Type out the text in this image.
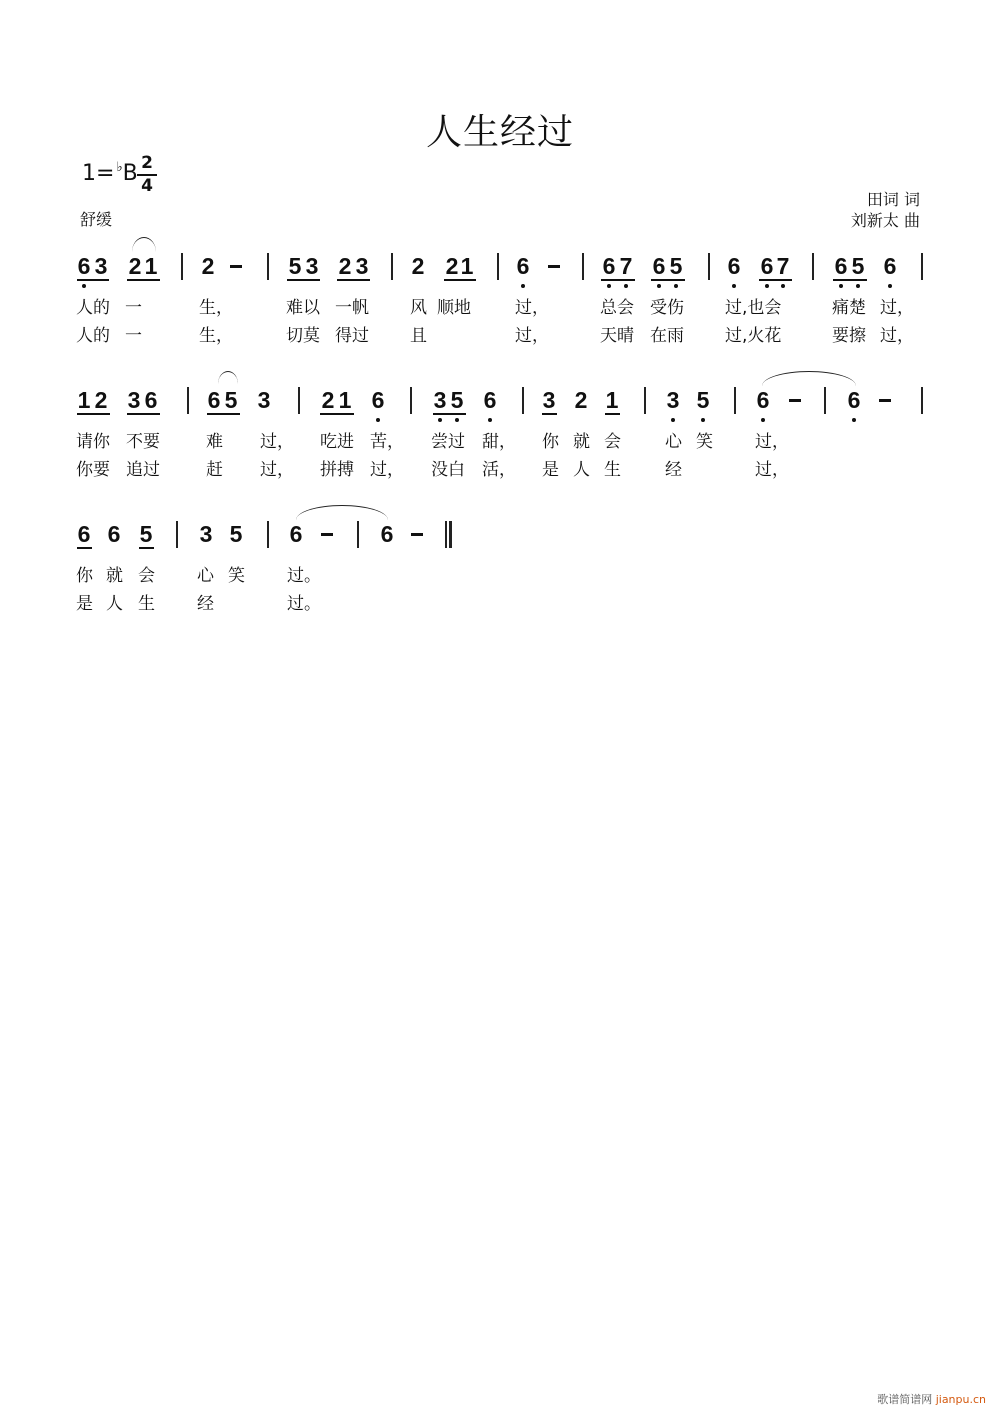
人生经过
1= ♭B 2
4
舒缓
田词 词
刘新太 曲
6 3 2 1 2	5 3 2 3 2 2 1 6	6 7 6 5 6 6 7 6 5 6
人的 一	生，	难以 一帆 风 顺地	过，	总会 受伤 过,也会	痛楚 过，
人的 一	生，	切莫 得过 且	过，	天晴 在雨 过,火花	要擦 过，
1 2 3 6 6 5 3 2 1 6 3 5 6 3 2 1 3 5 6	6
请你 不要	难 过， 吃进 苦， 尝过 甜， 你 就 会	心 笑 过，
你要 追过	赶 过， 拼搏 过， 没白 活， 是 人 生	经	过，
6 6 5 3 5 6	6
你 就 会 心 笑 过。
是 人 生 经	过。
歌谱简谱网 jianpu.cn
